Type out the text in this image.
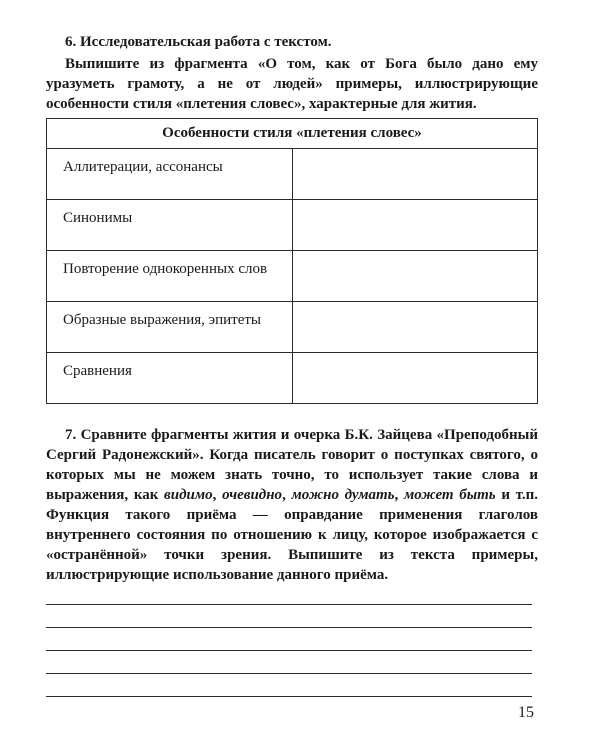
6. Исследовательская работа с текстом.

Выпишите из фрагмента «О том, как от Бога было дано ему уразуметь грамоту, а не от людей» примеры, иллюстрирующие особенности стиля «плетения словес», характерные для жития.

Особенности стиля «плетения словес»	
Аллитерации, ассонансы	
Синонимы	
Повторение однокоренных слов	
Образные выражения, эпитеты	
Сравнения	

7. Сравните фрагменты жития и очерка Б.К. Зайцева «Преподобный Сергий Радонежский». Когда писатель говорит о поступках святого, о которых мы не можем знать точно, то использует такие слова и выражения, как видимо, очевидно, можно думать, может быть и т.п. Функция такого приёма — оправдание применения глаголов внутреннего состояния по отношению к лицу, которое изображается с «остранённой» точки зрения. Выпишите из текста примеры, иллюстрирующие использование данного приёма.

15
